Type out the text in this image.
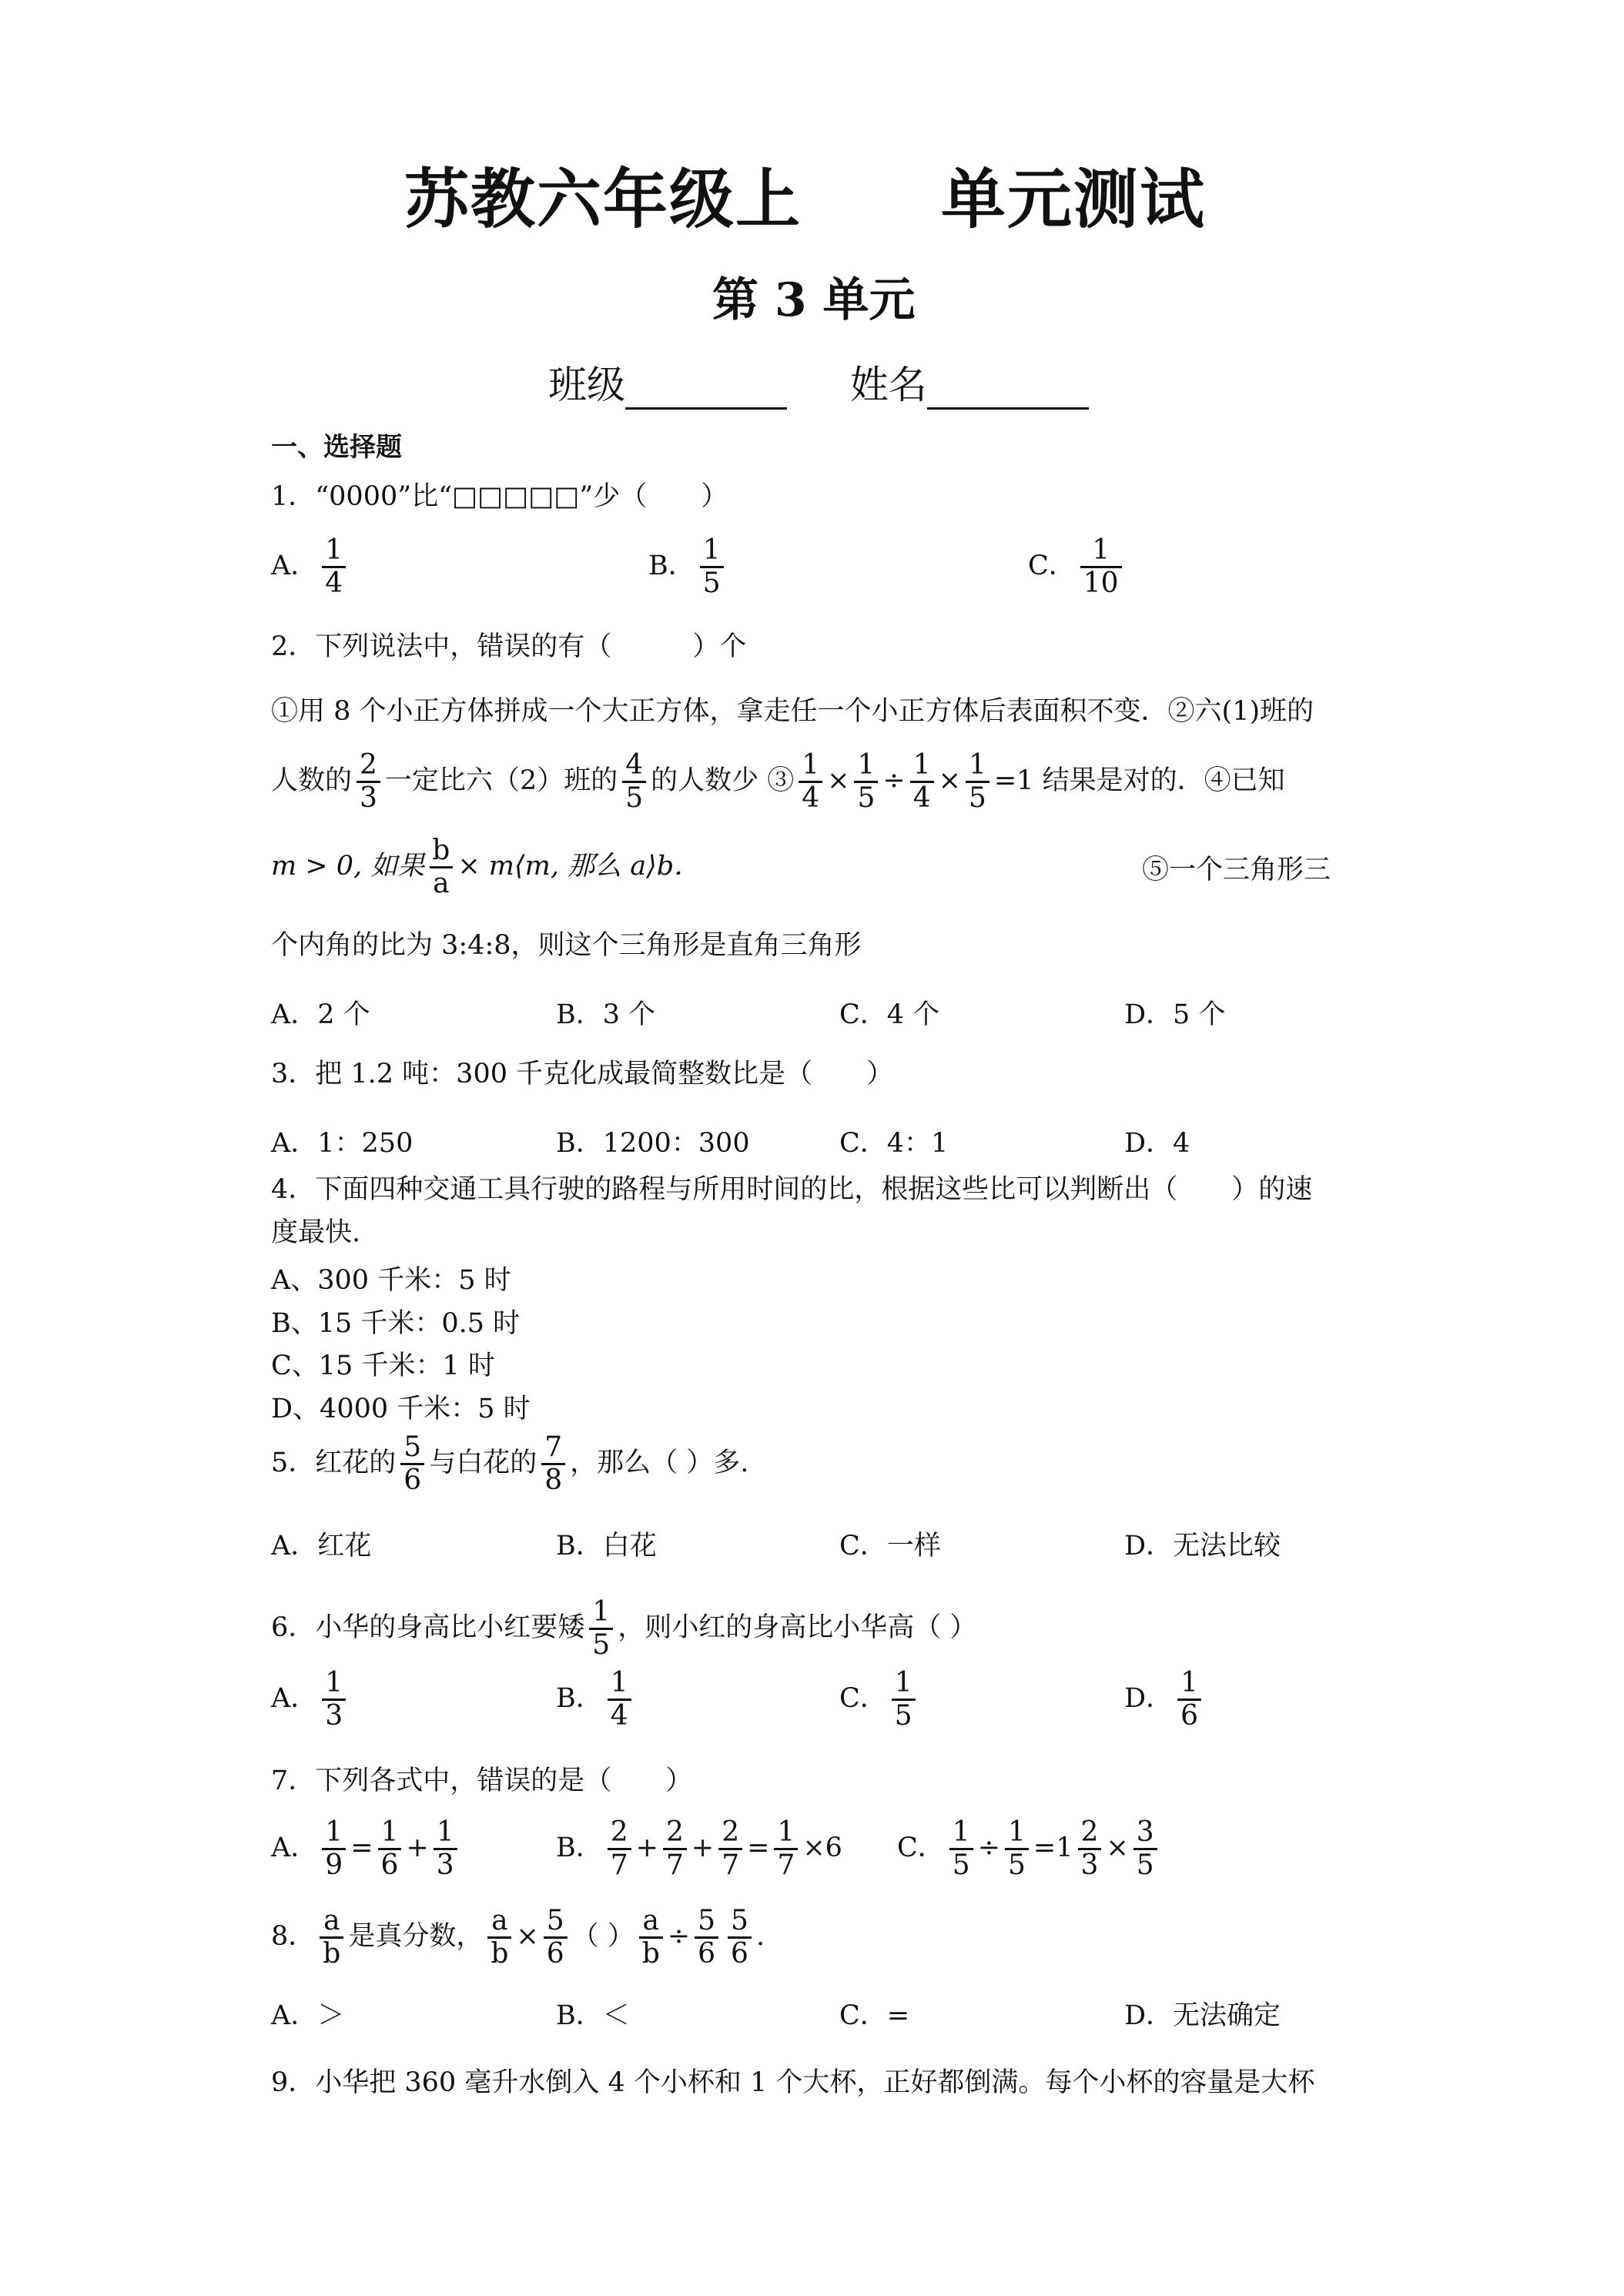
苏教六年级上 单元测试
第 3 单元
班级	姓名
一、选择题
1．“0000”比“□□□□□”少（　　）
A． $\frac{1}{4}$	B． $\frac{1}{5}$	C． $\frac{1}{10}$
2．下列说法中，错误的有（　　　）个
①用 8 个小正方体拼成一个大正方体，拿走任一个小正方体后表面积不变．②六(1)班的
人数的 $\frac{2}{3}$ 一定比六（2）班的 $\frac{4}{5}$ 的人数少 ③ $\frac{1}{4} \times \frac{1}{5} \div \frac{1}{4} \times \frac{1}{5} =1$ 结果是对的．④已知
m > 0, 如果 $\frac{b}{a}$ × m⟨m, 那么 a⟩b．	⑤一个三角形三
个内角的比为 3:4:8，则这个三角形是直角三角形
A．2 个	B．3 个	C．4 个	D．5 个
3．把 1.2 吨：300 千克化成最简整数比是（　　）
A．1：250	B．1200：300	C．4：1	D．4
4．下面四种交通工具行驶的路程与所用时间的比，根据这些比可以判断出（　　）的速
度最快.
A、300 千米：5 时
B、15 千米：0.5 时
C、15 千米：1 时
D、4000 千米：5 时
5．红花的 $\frac{5}{6}$ 与白花的 $\frac{7}{8}$ ，那么（ ）多.
A．红花	B．白花	C．一样	D．无法比较
6．小华的身高比小红要矮 $\frac{1}{5}$ ，则小红的身高比小华高（ ）
A． $\frac{1}{3}$	B． $\frac{1}{4}$	C． $\frac{1}{5}$	D． $\frac{1}{6}$
7．下列各式中，错误的是（　　）
A． $\frac{1}{9} = \frac{1}{6} + \frac{1}{3}$	B． $\frac{2}{7} + \frac{2}{7} + \frac{2}{7} = \frac{1}{7} \times 6$ C． $\frac{1}{5} \div \frac{1}{5} =1 \frac{2}{3} \times \frac{3}{5}$
8． $\frac{a}{b}$ 是真分数， $\frac{a}{b} \times \frac{5}{6}$ （ ） $\frac{a}{b} \div \frac{5}{6} \frac{5}{6}$ .
A．＞	B．＜	C．=	D．无法确定
9．小华把 360 毫升水倒入 4 个小杯和 1 个大杯，正好都倒满。每个小杯的容量是大杯
